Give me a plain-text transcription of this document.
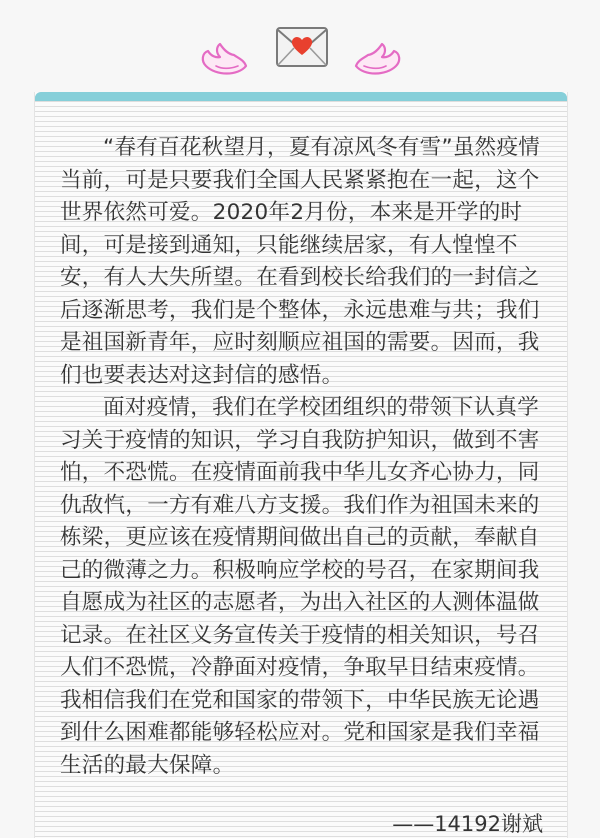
“春有百花秋望月，夏有凉风冬有雪”虽然疫情当前，可是只要我们全国人民紧紧抱在一起，这个世界依然可爱。2020年2月份，本来是开学的时间，可是接到通知，只能继续居家，有人惶惶不安，有人大失所望。在看到校长给我们的一封信之后逐渐思考，我们是个整体，永远患难与共；我们是祖国新青年，应时刻顺应祖国的需要。因而，我们也要表达对这封信的感悟。

面对疫情，我们在学校团组织的带领下认真学习关于疫情的知识，学习自我防护知识，做到不害怕，不恐慌。在疫情面前我中华儿女齐心协力，同仇敌忾，一方有难八方支援。我们作为祖国未来的栋梁，更应该在疫情期间做出自己的贡献，奉献自己的微薄之力。积极响应学校的号召，在家期间我自愿成为社区的志愿者，为出入社区的人测体温做记录。在社区义务宣传关于疫情的相关知识，号召人们不恐慌，冷静面对疫情，争取早日结束疫情。我相信我们在党和国家的带领下，中华民族无论遇到什么困难都能够轻松应对。党和国家是我们幸福生活的最大保障。

——14192谢斌
